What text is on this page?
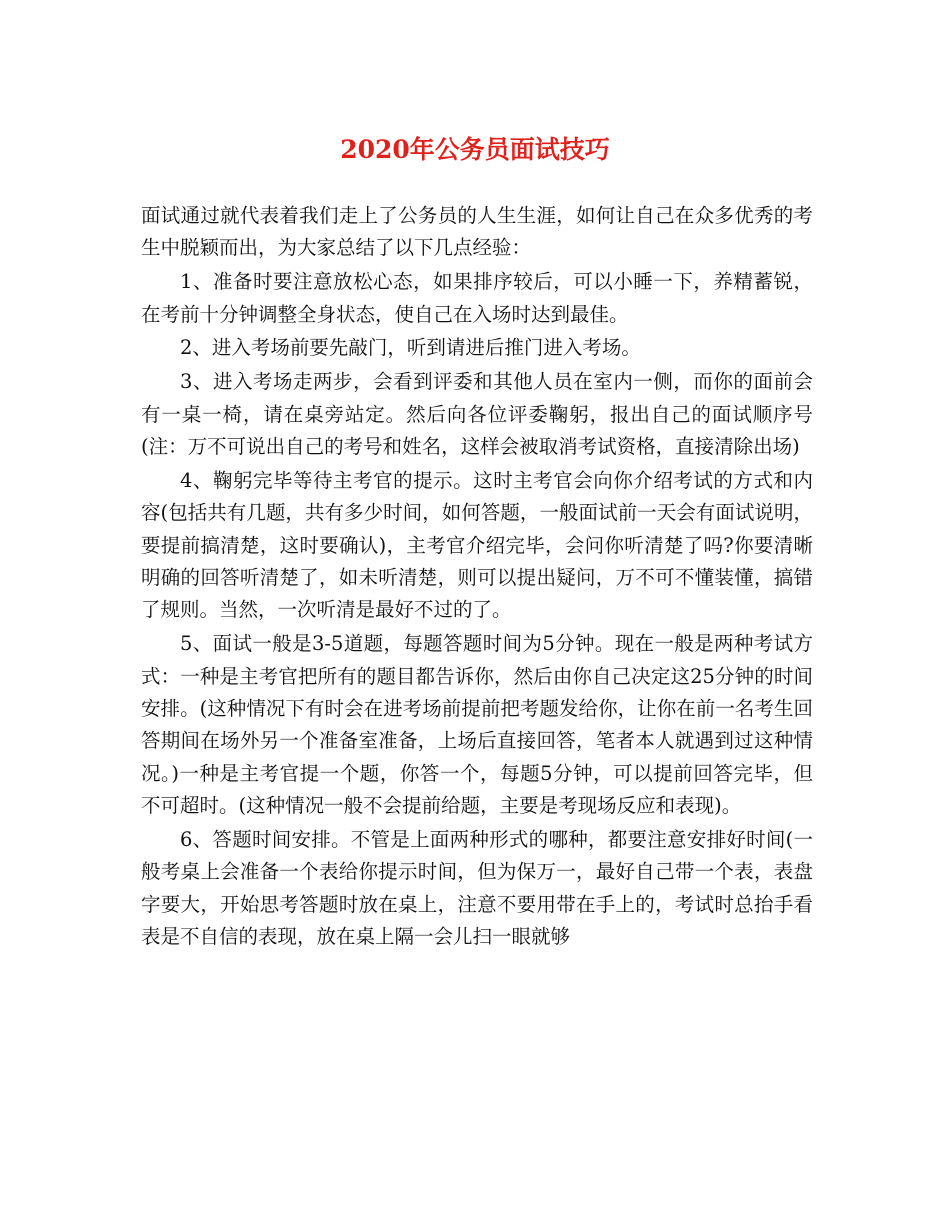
2020年公务员面试技巧

面试通过就代表着我们走上了公务员的人生生涯，如何让自己在众多优秀的考生中脱颖而出，为大家总结了以下几点经验：

1、准备时要注意放松心态，如果排序较后，可以小睡一下，养精蓄锐，在考前十分钟调整全身状态，使自己在入场时达到最佳。

2、进入考场前要先敲门，听到请进后推门进入考场。

3、进入考场走两步，会看到评委和其他人员在室内一侧，而你的面前会有一桌一椅，请在桌旁站定。然后向各位评委鞠躬，报出自己的面试顺序号(注：万不可说出自己的考号和姓名，这样会被取消考试资格，直接清除出场)

4、鞠躬完毕等待主考官的提示。这时主考官会向你介绍考试的方式和内容(包括共有几题，共有多少时间，如何答题，一般面试前一天会有面试说明，要提前搞清楚，这时要确认)，主考官介绍完毕，会问你听清楚了吗?你要清晰明确的回答听清楚了，如未听清楚，则可以提出疑问，万不可不懂装懂，搞错了规则。当然，一次听清是最好不过的了。

5、面试一般是3-5道题，每题答题时间为5分钟。现在一般是两种考试方式：一种是主考官把所有的题目都告诉你，然后由你自己决定这25分钟的时间安排。(这种情况下有时会在进考场前提前把考题发给你，让你在前一名考生回答期间在场外另一个准备室准备，上场后直接回答，笔者本人就遇到过这种情况。)一种是主考官提一个题，你答一个，每题5分钟，可以提前回答完毕，但不可超时。(这种情况一般不会提前给题，主要是考现场反应和表现)。

6、答题时间安排。不管是上面两种形式的哪种，都要注意安排好时间(一般考桌上会准备一个表给你提示时间，但为保万一，最好自己带一个表，表盘字要大，开始思考答题时放在桌上，注意不要用带在手上的，考试时总抬手看表是不自信的表现，放在桌上隔一会儿扫一眼就够
